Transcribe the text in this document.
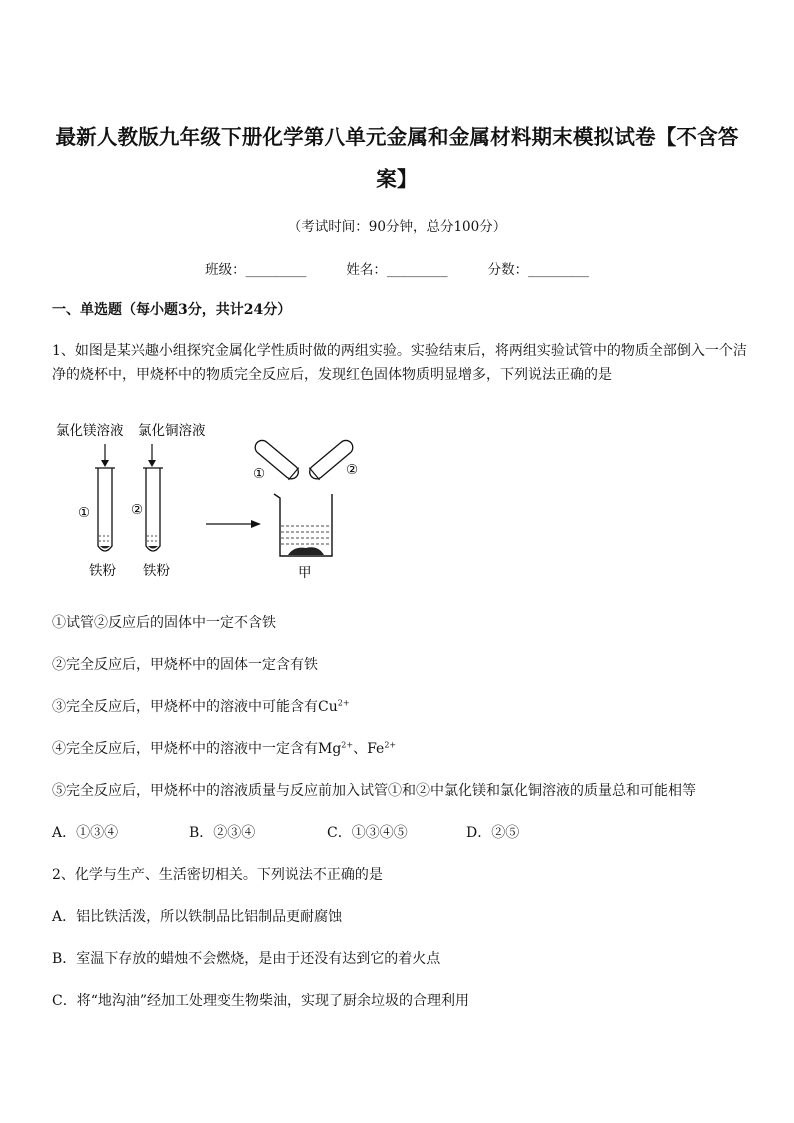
最新人教版九年级下册化学第八单元金属和金属材料期末模拟试卷【不含答案】
（考试时间：90分钟，总分100分）
班级：_________	姓名：_________	分数：_________
一、单选题（每小题3分，共计24分）
1、如图是某兴趣小组探究金属化学性质时做的两组实验。实验结束后，将两组实验试管中的物质全部倒入一个洁净的烧杯中，甲烧杯中的物质完全反应后，发现红色固体物质明显增多，下列说法正确的是
氯化镁溶液 氯化铜溶液
①	②
铁粉 铁粉
①	②
甲
①试管②反应后的固体中一定不含铁
②完全反应后，甲烧杯中的固体一定含有铁
③完全反应后，甲烧杯中的溶液中可能含有$Cu^{2+}$
④完全反应后，甲烧杯中的溶液中一定含有$Mg^{2+}$、$Fe^{2+}$
⑤完全反应后，甲烧杯中的溶液质量与反应前加入试管①和②中氯化镁和氯化铜溶液的质量总和可能相等
A．①③④	B．②③④	C．①③④⑤	D．②⑤
2、化学与生产、生活密切相关。下列说法不正确的是
A．铝比铁活泼，所以铁制品比铝制品更耐腐蚀
B．室温下存放的蜡烛不会燃烧，是由于还没有达到它的着火点
C．将“地沟油”经加工处理变生物柴油，实现了厨余垃圾的合理利用
